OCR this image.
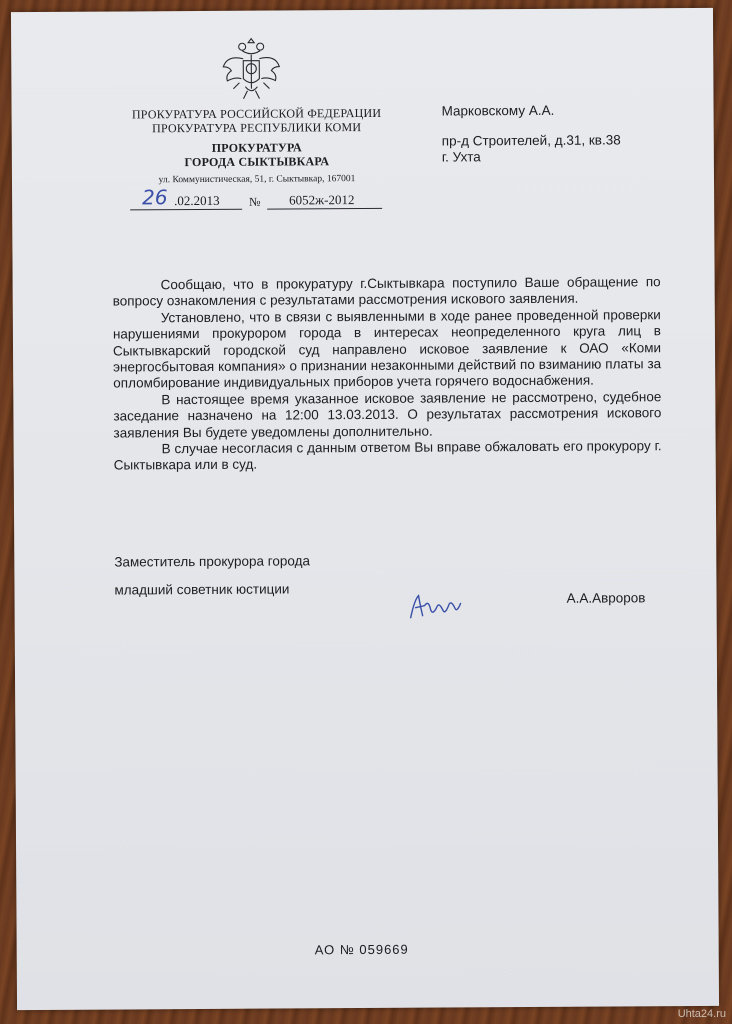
ПРОКУРАТУРА РОССИЙСКОЙ ФЕДЕРАЦИИ
ПРОКУРАТУРА РЕСПУБЛИКИ КОМИ
ПРОКУРАТУРА
ГОРОДА СЫКТЫВКАРА
ул. Коммунистическая, 51, г. Сыктывкар, 167001
26 .02.2013 № 6052ж-2012
Марковскому А.А.
пр-д Строителей, д.31, кв.38
г. Ухта

Сообщаю, что в прокуратуру г.Сыктывкара поступило Ваше обращение по вопросу ознакомления с результатами рассмотрения искового заявления.

Установлено, что в связи с выявленными в ходе ранее проведенной проверки нарушениями прокурором города в интересах неопределенного круга лиц в Сыктывкарский городской суд направлено исковое заявление к ОАО «Коми энергосбытовая компания» о признании незаконными действий по взиманию платы за опломбирование индивидуальных приборов учета горячего водоснабжения.

В настоящее время указанное исковое заявление не рассмотрено, судебное заседание назначено на 12:00 13.03.2013. О результатах рассмотрения искового заявления Вы будете уведомлены дополнительно.

В случае несогласия с данным ответом Вы вправе обжаловать его прокурору г. Сыктывкара или в суд.

Заместитель прокурора города
младший советник юстиции
А.А.Авроров
АО № 059669
Uhta24.ru
